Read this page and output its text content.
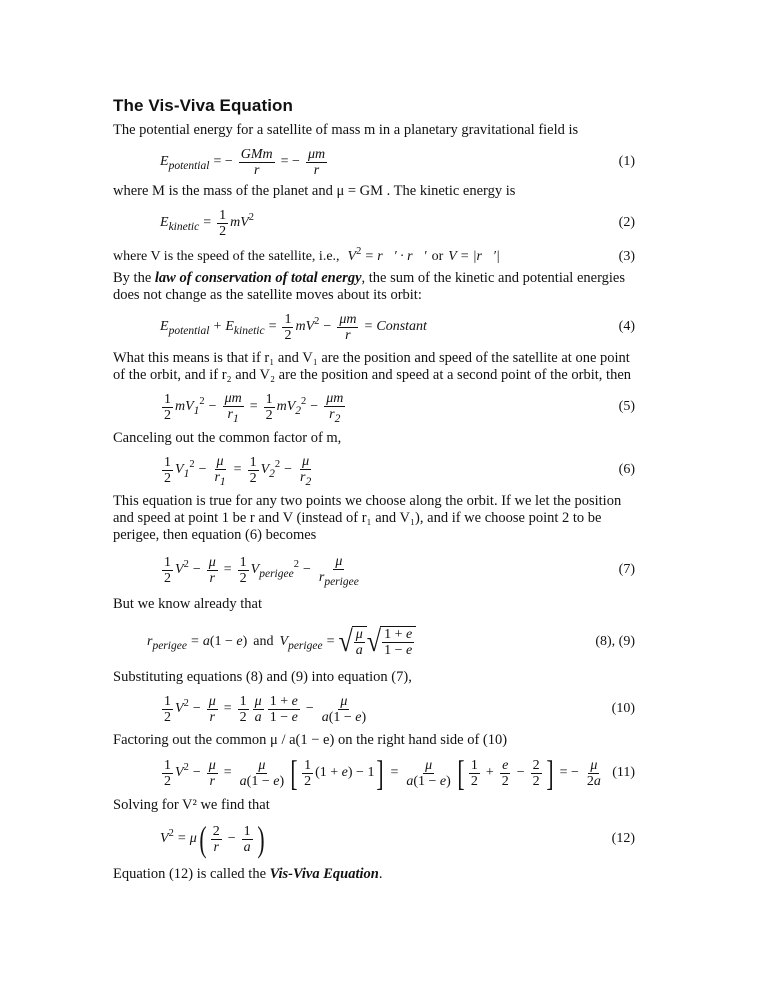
The Vis-Viva Equation

The potential energy for a satellite of mass m in a planetary gravitational field is

$E_{potential}$ = − $\frac{\text{GMm}}{r}$ = − $\frac{\mu m}{r}$	(1)

where M is the mass of the planet and μ = GM . The kinetic energy is

$E_{kinetic} = \frac{1}{2} mV^2$	(2)
where V is the speed of the satellite, i.e., $V^2$ = r⃗′ · r⃗′ or V = |r⃗′|	(3)

By the law of conservation of total energy, the sum of the kinetic and potential energies does not change as the satellite moves about its orbit:

$E_{potential} + E_{kinetic} = \frac{1}{2} mV^2 - \frac{\mu m}{r}$ = Constant	(4)

What this means is that if r₁ and V₁ are the position and speed of the satellite at one point of the orbit, and if r₂ and V₂ are the position and speed at a second point of the orbit, then

$\frac{1}{2} mV_1^2 - \frac{\mu m}{r_1} = \frac{1}{2} mV_2^2 - \frac{\mu m}{r_2}$	(5)

Canceling out the common factor of m,

$\frac{1}{2} V_1^2 - \frac{\mu}{r_1} = \frac{1}{2} V_2^2 - \frac{\mu}{r_2}$	(6)

This equation is true for any two points we choose along the orbit. If we let the position and speed at point 1 be r and V (instead of r₁ and V₁), and if we choose point 2 to be perigee, then equation (6) becomes

$\frac{1}{2} V^2 - \frac{\mu}{r} = \frac{1}{2} V_{perigee}^2 - \frac{\mu}{r_{perigee}}$	(7)

But we know already that

$r_{perigee} = a(1 - e)$ and $V_{perigee}$ = √ $\frac{\mu}{a}$ √ $\frac{1 + e}{1 - e}$	(8), (9)

Substituting equations (8) and (9) into equation (7),

$\frac{1}{2} V^2 - \frac{\mu}{r} = \frac{1}{2} \frac{\mu}{a} \frac{1 + e}{1 - e} - \frac{\mu}{a(1 - e)}$	(10)

Factoring out the common μ / a(1 − e) on the right hand side of (10)

$\frac{1}{2} V^2 - \frac{\mu}{r} = \frac{\mu}{a(1 - e)}$ [ $\frac{1}{2} (1 + e) - 1$ ] = $\frac{\mu}{a(1 - e)}$ [ $\frac{1}{2} + \frac{e}{2} - \frac{2}{2}$ ] = − $\frac{\mu}{2a} (11)$

Solving for V² we find that

$V^2 = \mu$ ( $\frac{2}{r} - \frac{1}{a}$ )	(12)

Equation (12) is called the Vis-Viva Equation.
